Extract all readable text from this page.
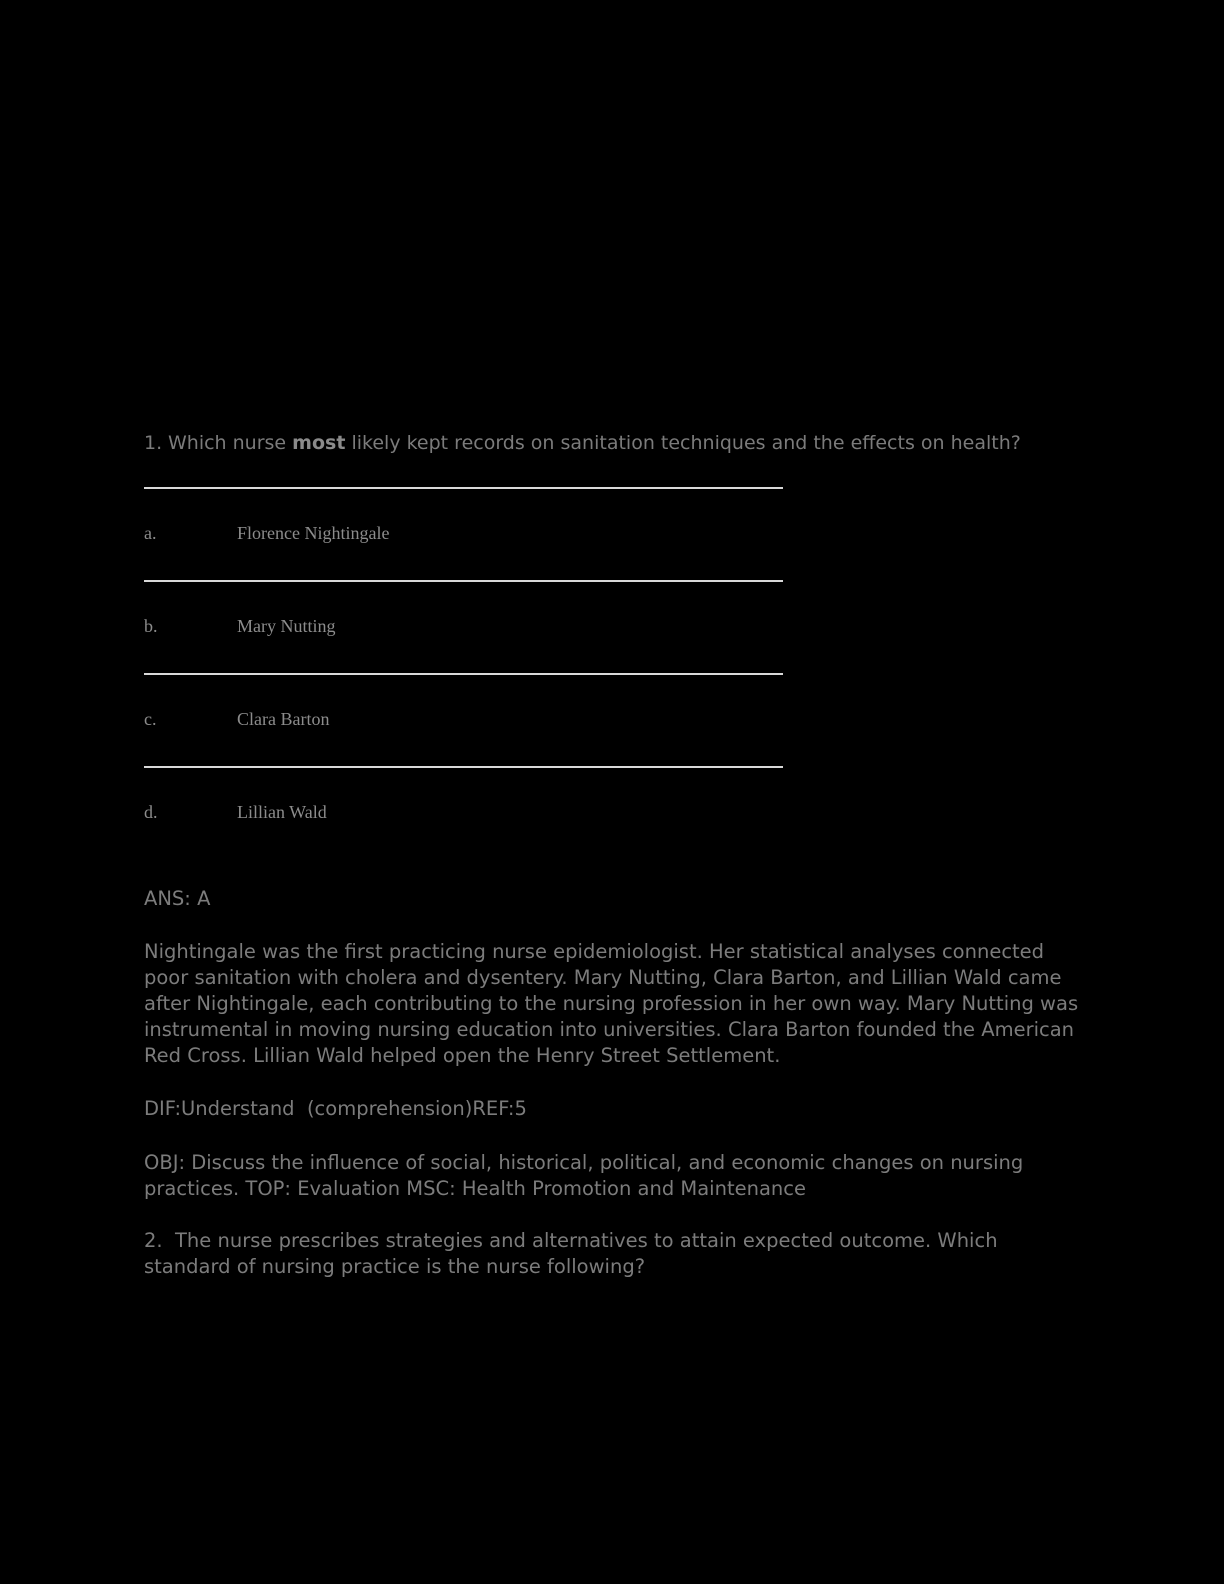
1. Which nurse most likely kept records on sanitation techniques and the effects on health?
a.	Florence Nightingale
b.	Mary Nutting
c.	Clara Barton
d.	Lillian Wald
ANS: A
Nightingale was the first practicing nurse epidemiologist. Her statistical analyses connected poor sanitation with cholera and dysentery. Mary Nutting, Clara Barton, and Lillian Wald came after Nightingale, each contributing to the nursing profession in her own way. Mary Nutting was instrumental in moving nursing education into universities. Clara Barton founded the American Red Cross. Lillian Wald helped open the Henry Street Settlement.
DIF:Understand  (comprehension)REF:5
OBJ: Discuss the influence of social, historical, political, and economic changes on nursing practices. TOP: Evaluation MSC: Health Promotion and Maintenance
2. The nurse prescribes strategies and alternatives to attain expected outcome. Which standard of nursing practice is the nurse following?
